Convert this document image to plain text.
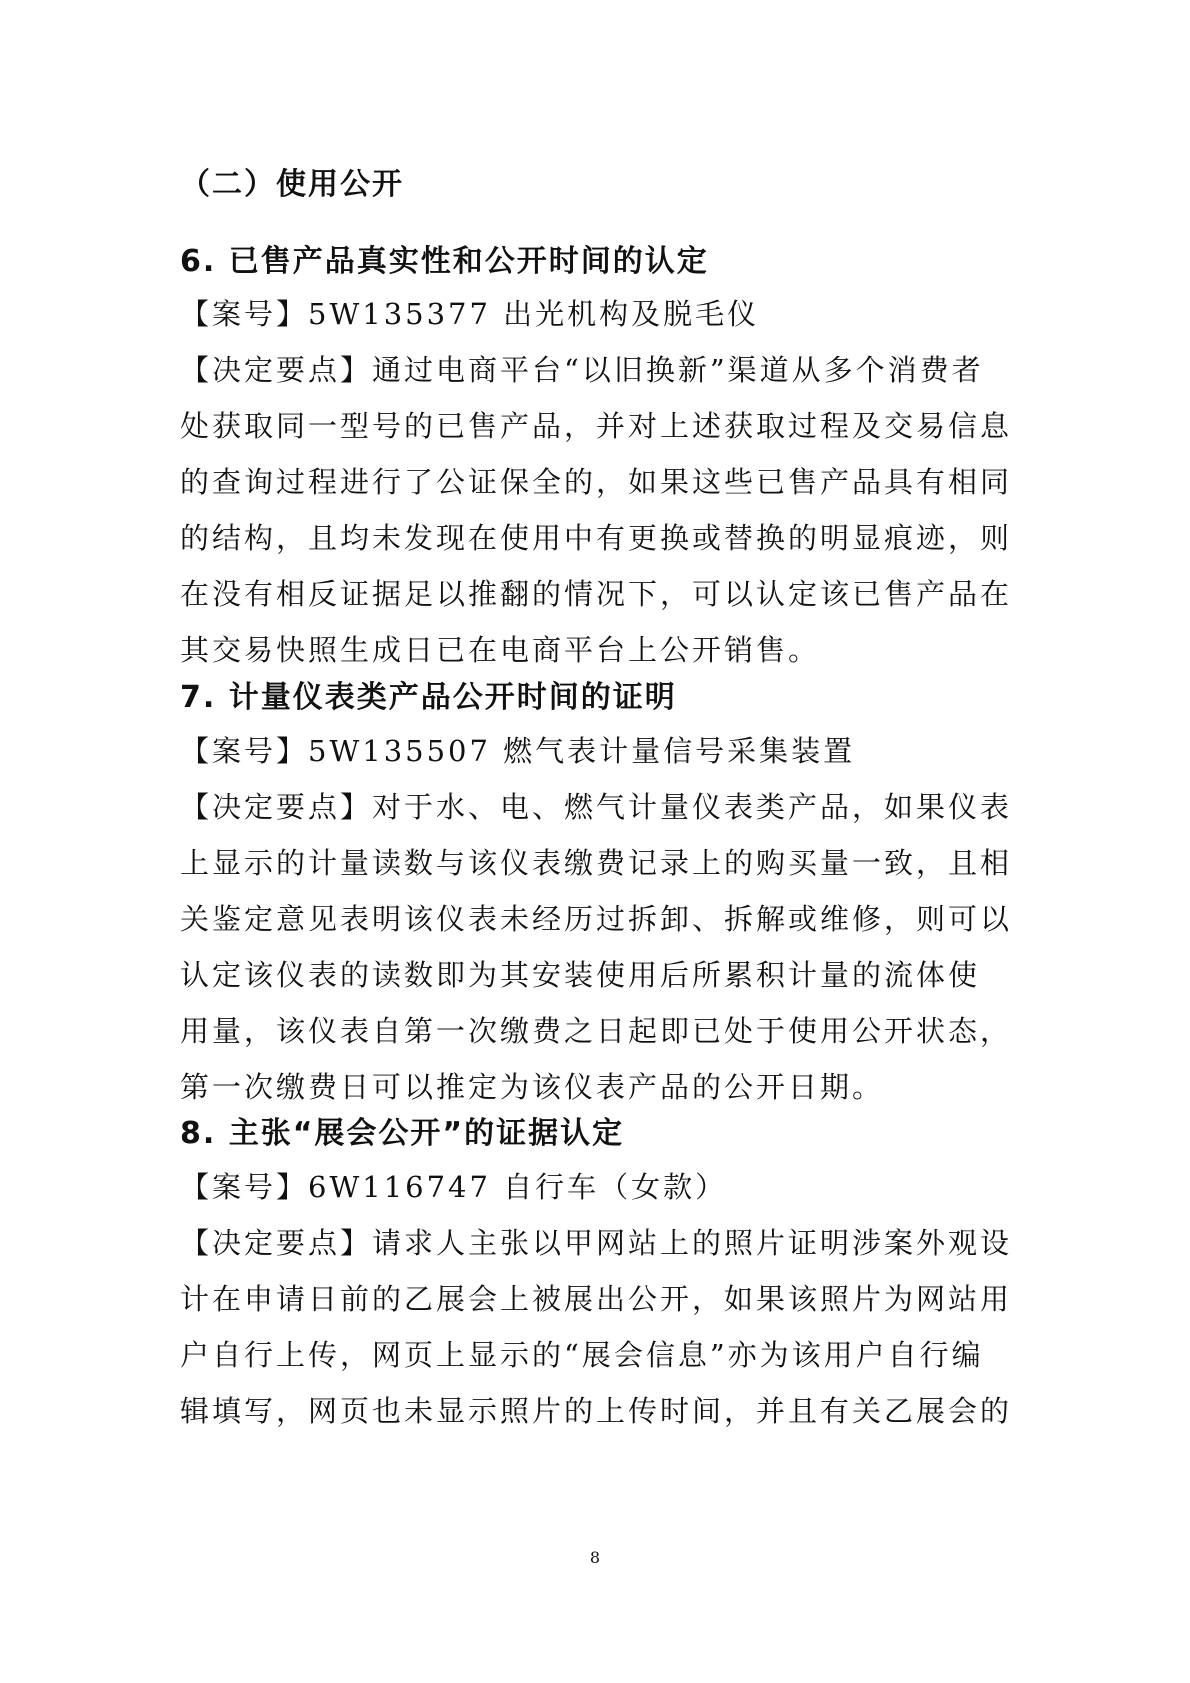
（二）使用公开
6. 已售产品真实性和公开时间的认定
【案号】5W135377 出光机构及脱毛仪
【决定要点】通过电商平台“以旧换新”渠道从多个消费者
处获取同一型号的已售产品，并对上述获取过程及交易信息
的查询过程进行了公证保全的，如果这些已售产品具有相同
的结构，且均未发现在使用中有更换或替换的明显痕迹，则
在没有相反证据足以推翻的情况下，可以认定该已售产品在
其交易快照生成日已在电商平台上公开销售。
7. 计量仪表类产品公开时间的证明
【案号】5W135507 燃气表计量信号采集装置
【决定要点】对于水、电、燃气计量仪表类产品，如果仪表
上显示的计量读数与该仪表缴费记录上的购买量一致，且相
关鉴定意见表明该仪表未经历过拆卸、拆解或维修，则可以
认定该仪表的读数即为其安装使用后所累积计量的流体使
用量，该仪表自第一次缴费之日起即已处于使用公开状态，
第一次缴费日可以推定为该仪表产品的公开日期。
8. 主张“展会公开”的证据认定
【案号】6W116747 自行车（女款）
【决定要点】请求人主张以甲网站上的照片证明涉案外观设
计在申请日前的乙展会上被展出公开，如果该照片为网站用
户自行上传，网页上显示的“展会信息”亦为该用户自行编
辑填写，网页也未显示照片的上传时间，并且有关乙展会的
8
